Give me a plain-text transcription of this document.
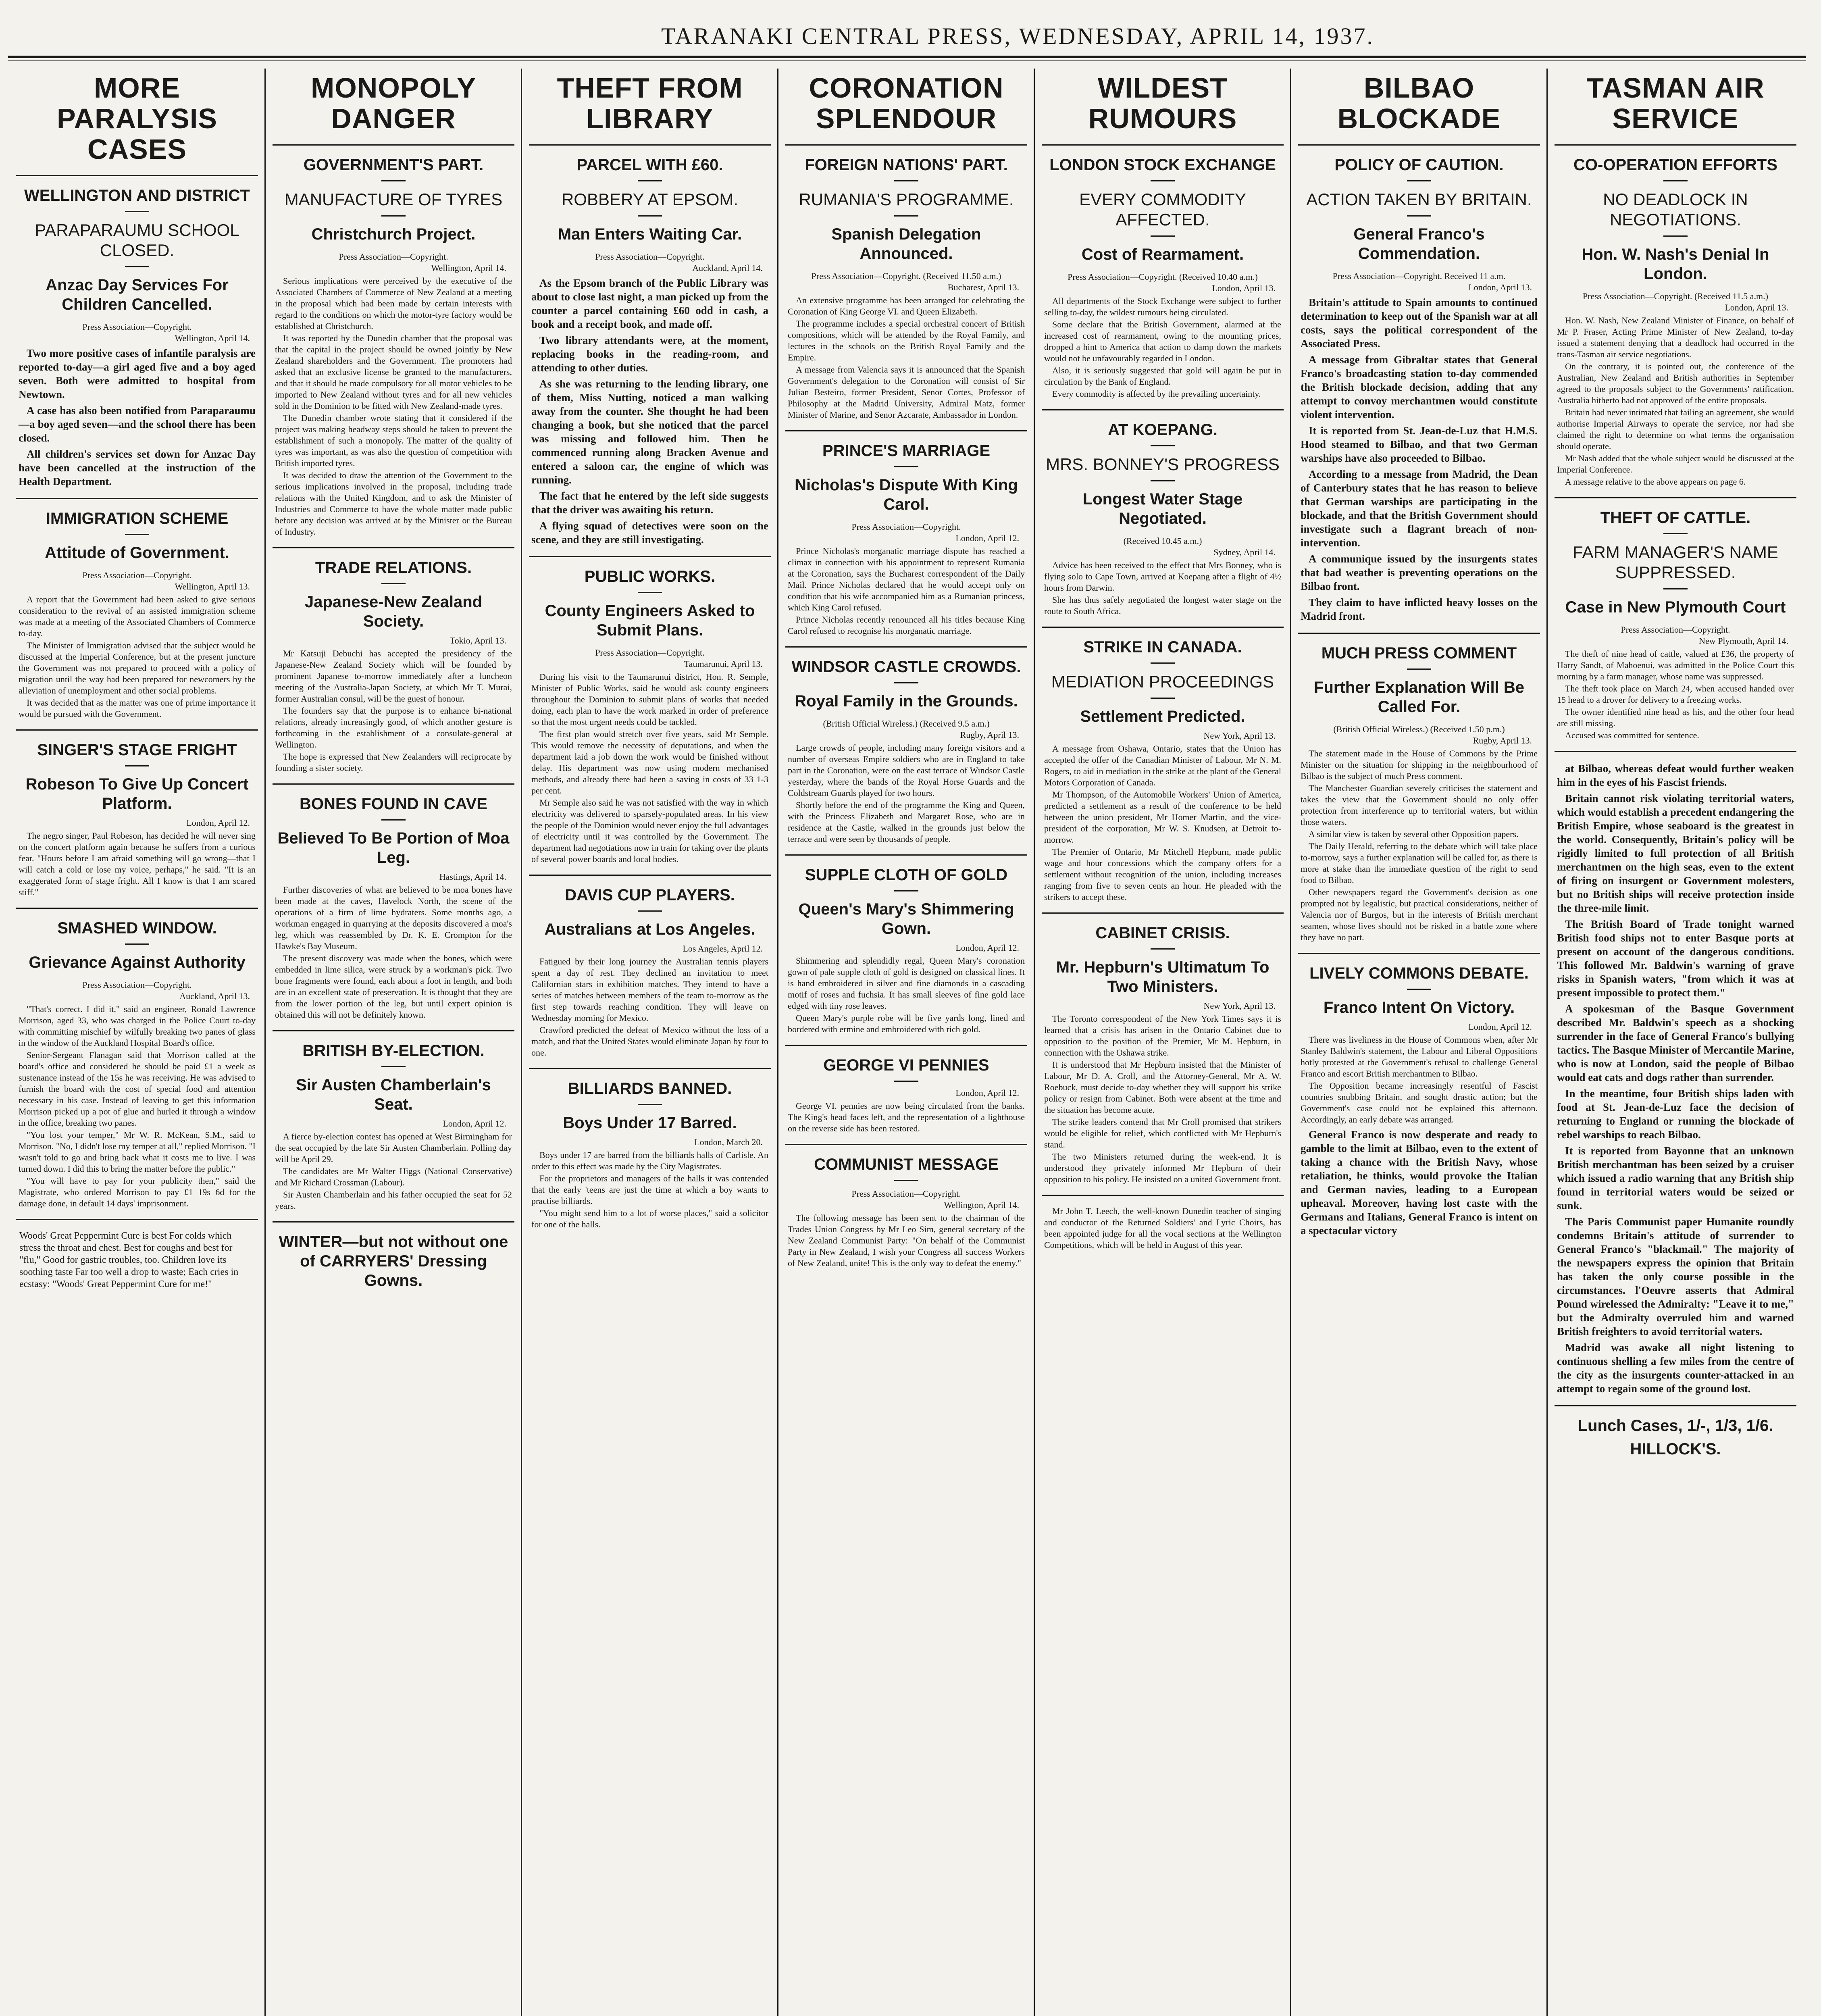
TARANAKI CENTRAL PRESS, WEDNESDAY, APRIL 14, 1937.
MORE PARALYSIS CASES
WELLINGTON AND DISTRICT
PARAPARAUMU SCHOOL CLOSED.
Anzac Day Services For Children Cancelled.
Press Association—Copyright.
Wellington, April 14.
Two more positive cases of infantile paralysis are reported to-day—a girl aged five and a boy aged seven. Both were admitted to hospital from Newtown.
A case has also been notified from Paraparaumu—a boy aged seven—and the school there has been closed.
All children's services set down for Anzac Day have been cancelled at the instruction of the Health Department.
IMMIGRATION SCHEME
Attitude of Government.
Press Association—Copyright.
Wellington, April 13.
A report that the Government had been asked to give serious consideration to the revival of an assisted immigration scheme was made at a meeting of the Associated Chambers of Commerce to-day.
The Minister of Immigration advised that the subject would be discussed at the Imperial Conference, but at the present juncture the Government was not prepared to proceed with a policy of migration until the way had been prepared for newcomers by the alleviation of unemployment and other social problems.
It was decided that as the matter was one of prime importance it would be pursued with the Government.
SINGER'S STAGE FRIGHT
Robeson To Give Up Concert Platform.
London, April 12.
The negro singer, Paul Robeson, has decided he will never sing on the concert platform again because he suffers from a curious fear. "Hours before I am afraid something will go wrong—that I will catch a cold or lose my voice, perhaps," he said. "It is an exaggerated form of stage fright. All I know is that I am scared stiff."
SMASHED WINDOW.
Grievance Against Authority
Press Association—Copyright.
Auckland, April 13.
"That's correct. I did it," said an engineer, Ronald Lawrence Morrison, aged 33, who was charged in the Police Court to-day with committing mischief by wilfully breaking two panes of glass in the window of the Auckland Hospital Board's office.
Senior-Sergeant Flanagan said that Morrison called at the board's office and considered he should be paid £1 a week as sustenance instead of the 15s he was receiving. He was advised to furnish the board with the cost of special food and attention necessary in his case. Instead of leaving to get this information Morrison picked up a pot of glue and hurled it through a window in the office, breaking two panes.
"You lost your temper," Mr W. R. McKean, S.M., said to Morrison. "No, I didn't lose my temper at all," replied Morrison. "I wasn't told to go and bring back what it costs me to live. I was turned down. I did this to bring the matter before the public."
"You will have to pay for your publicity then," said the Magistrate, who ordered Morrison to pay £1 19s 6d for the damage done, in default 14 days' imprisonment.
Woods' Great Peppermint Cure is best For colds which stress the throat and chest. Best for coughs and best for "flu," Good for gastric troubles, too. Children love its soothing taste Far too well a drop to waste; Each cries in ecstasy: "Woods' Great Peppermint Cure for me!"
MONOPOLY DANGER
GOVERNMENT'S PART.
MANUFACTURE OF TYRES
Christchurch Project.
Press Association—Copyright.
Wellington, April 14.
Serious implications were perceived by the executive of the Associated Chambers of Commerce of New Zealand at a meeting in the proposal which had been made by certain interests with regard to the conditions on which the motor-tyre factory would be established at Christchurch.
It was reported by the Dunedin chamber that the proposal was that the capital in the project should be owned jointly by New Zealand shareholders and the Government. The promoters had asked that an exclusive license be granted to the manufacturers, and that it should be made compulsory for all motor vehicles to be imported to New Zealand without tyres and for all new vehicles sold in the Dominion to be fitted with New Zealand-made tyres.
The Dunedin chamber wrote stating that it considered if the project was making headway steps should be taken to prevent the establishment of such a monopoly. The matter of the quality of tyres was important, as was also the question of competition with British imported tyres.
It was decided to draw the attention of the Government to the serious implications involved in the proposal, including trade relations with the United Kingdom, and to ask the Minister of Industries and Commerce to have the whole matter made public before any decision was arrived at by the Minister or the Bureau of Industry.
TRADE RELATIONS.
Japanese-New Zealand Society.
Tokio, April 13.
Mr Katsuji Debuchi has accepted the presidency of the Japanese-New Zealand Society which will be founded by prominent Japanese to-morrow immediately after a luncheon meeting of the Australia-Japan Society, at which Mr T. Murai, former Australian consul, will be the guest of honour.
The founders say that the purpose is to enhance bi-national relations, already increasingly good, of which another gesture is forthcoming in the establishment of a consulate-general at Wellington.
The hope is expressed that New Zealanders will reciprocate by founding a sister society.
BONES FOUND IN CAVE
Believed To Be Portion of Moa Leg.
Hastings, April 14.
Further discoveries of what are believed to be moa bones have been made at the caves, Havelock North, the scene of the operations of a firm of lime hydraters. Some months ago, a workman engaged in quarrying at the deposits discovered a moa's leg, which was reassembled by Dr. K. E. Crompton for the Hawke's Bay Museum.
The present discovery was made when the bones, which were embedded in lime silica, were struck by a workman's pick. Two bone fragments were found, each about a foot in length, and both are in an excellent state of preservation. It is thought that they are from the lower portion of the leg, but until expert opinion is obtained this will not be definitely known.
BRITISH BY-ELECTION.
Sir Austen Chamberlain's Seat.
London, April 12.
A fierce by-election contest has opened at West Birmingham for the seat occupied by the late Sir Austen Chamberlain. Polling day will be April 29.
The candidates are Mr Walter Higgs (National Conservative) and Mr Richard Crossman (Labour).
Sir Austen Chamberlain and his father occupied the seat for 52 years.
WINTER—but not without one of CARRYERS' Dressing Gowns.
THEFT FROM LIBRARY
PARCEL WITH £60.
ROBBERY AT EPSOM.
Man Enters Waiting Car.
Press Association—Copyright.
Auckland, April 14.
As the Epsom branch of the Public Library was about to close last night, a man picked up from the counter a parcel containing £60 odd in cash, a book and a receipt book, and made off.
Two library attendants were, at the moment, replacing books in the reading-room, and attending to other duties.
As she was returning to the lending library, one of them, Miss Nutting, noticed a man walking away from the counter. She thought he had been changing a book, but she noticed that the parcel was missing and followed him. Then he commenced running along Bracken Avenue and entered a saloon car, the engine of which was running.
The fact that he entered by the left side suggests that the driver was awaiting his return.
A flying squad of detectives were soon on the scene, and they are still investigating.
PUBLIC WORKS.
County Engineers Asked to Submit Plans.
Press Association—Copyright.
Taumarunui, April 13.
During his visit to the Taumarunui district, Hon. R. Semple, Minister of Public Works, said he would ask county engineers throughout the Dominion to submit plans of works that needed doing, each plan to have the work marked in order of preference so that the most urgent needs could be tackled.
The first plan would stretch over five years, said Mr Semple. This would remove the necessity of deputations, and when the department laid a job down the work would be finished without delay. His department was now using modern mechanised methods, and already there had been a saving in costs of 33 1-3 per cent.
Mr Semple also said he was not satisfied with the way in which electricity was delivered to sparsely-populated areas. In his view the people of the Dominion would never enjoy the full advantages of electricity until it was controlled by the Government. The department had negotiations now in train for taking over the plants of several power boards and local bodies.
DAVIS CUP PLAYERS.
Australians at Los Angeles.
Los Angeles, April 12.
Fatigued by their long journey the Australian tennis players spent a day of rest. They declined an invitation to meet Californian stars in exhibition matches. They intend to have a series of matches between members of the team to-morrow as the first step towards reaching condition. They will leave on Wednesday morning for Mexico.
Crawford predicted the defeat of Mexico without the loss of a match, and that the United States would eliminate Japan by four to one.
BILLIARDS BANNED.
Boys Under 17 Barred.
London, March 20.
Boys under 17 are barred from the billiards halls of Carlisle. An order to this effect was made by the City Magistrates.
For the proprietors and managers of the halls it was contended that the early 'teens are just the time at which a boy wants to practise billiards.
"You might send him to a lot of worse places," said a solicitor for one of the halls.
CORONATION SPLENDOUR
FOREIGN NATIONS' PART.
RUMANIA'S PROGRAMME.
Spanish Delegation Announced.
Press Association—Copyright. (Received 11.50 a.m.)
Bucharest, April 13.
An extensive programme has been arranged for celebrating the Coronation of King George VI. and Queen Elizabeth.
The programme includes a special orchestral concert of British compositions, which will be attended by the Royal Family, and lectures in the schools on the British Royal Family and the Empire.
A message from Valencia says it is announced that the Spanish Government's delegation to the Coronation will consist of Sir Julian Besteiro, former President, Senor Cortes, Professor of Philosophy at the Madrid University, Admiral Matz, former Minister of Marine, and Senor Azcarate, Ambassador in London.
PRINCE'S MARRIAGE
Nicholas's Dispute With King Carol.
Press Association—Copyright.
London, April 12.
Prince Nicholas's morganatic marriage dispute has reached a climax in connection with his appointment to represent Rumania at the Coronation, says the Bucharest correspondent of the Daily Mail. Prince Nicholas declared that he would accept only on condition that his wife accompanied him as a Rumanian princess, which King Carol refused.
Prince Nicholas recently renounced all his titles because King Carol refused to recognise his morganatic marriage.
WINDSOR CASTLE CROWDS.
Royal Family in the Grounds.
(British Official Wireless.) (Received 9.5 a.m.)
Rugby, April 13.
Large crowds of people, including many foreign visitors and a number of overseas Empire soldiers who are in England to take part in the Coronation, were on the east terrace of Windsor Castle yesterday, where the bands of the Royal Horse Guards and the Coldstream Guards played for two hours.
Shortly before the end of the programme the King and Queen, with the Princess Elizabeth and Margaret Rose, who are in residence at the Castle, walked in the grounds just below the terrace and were seen by thousands of people.
SUPPLE CLOTH OF GOLD
Queen's Mary's Shimmering Gown.
London, April 12.
Shimmering and splendidly regal, Queen Mary's coronation gown of pale supple cloth of gold is designed on classical lines. It is hand embroidered in silver and fine diamonds in a cascading motif of roses and fuchsia. It has small sleeves of fine gold lace edged with tiny rose leaves.
Queen Mary's purple robe will be five yards long, lined and bordered with ermine and embroidered with rich gold.
GEORGE VI PENNIES
London, April 12.
George VI. pennies are now being circulated from the banks. The King's head faces left, and the representation of a lighthouse on the reverse side has been restored.
COMMUNIST MESSAGE
Press Association—Copyright.
Wellington, April 14.
The following message has been sent to the chairman of the Trades Union Congress by Mr Leo Sim, general secretary of the New Zealand Communist Party: "On behalf of the Communist Party in New Zealand, I wish your Congress all success Workers of New Zealand, unite! This is the only way to defeat the enemy."
WILDEST RUMOURS
LONDON STOCK EXCHANGE
EVERY COMMODITY AFFECTED.
Cost of Rearmament.
Press Association—Copyright. (Received 10.40 a.m.)
London, April 13.
All departments of the Stock Exchange were subject to further selling to-day, the wildest rumours being circulated.
Some declare that the British Government, alarmed at the increased cost of rearmament, owing to the mounting prices, dropped a hint to America that action to damp down the markets would not be unfavourably regarded in London.
Also, it is seriously suggested that gold will again be put in circulation by the Bank of England.
Every commodity is affected by the prevailing uncertainty.
AT KOEPANG.
MRS. BONNEY'S PROGRESS
Longest Water Stage Negotiated.
(Received 10.45 a.m.)
Sydney, April 14.
Advice has been received to the effect that Mrs Bonney, who is flying solo to Cape Town, arrived at Koepang after a flight of 4½ hours from Darwin.
She has thus safely negotiated the longest water stage on the route to South Africa.
STRIKE IN CANADA.
MEDIATION PROCEEDINGS
Settlement Predicted.
New York, April 13.
A message from Oshawa, Ontario, states that the Union has accepted the offer of the Canadian Minister of Labour, Mr N. M. Rogers, to aid in mediation in the strike at the plant of the General Motors Corporation of Canada.
Mr Thompson, of the Automobile Workers' Union of America, predicted a settlement as a result of the conference to be held between the union president, Mr Homer Martin, and the vice-president of the corporation, Mr W. S. Knudsen, at Detroit to-morrow.
The Premier of Ontario, Mr Mitchell Hepburn, made public wage and hour concessions which the company offers for a settlement without recognition of the union, including increases ranging from five to seven cents an hour. He pleaded with the strikers to accept these.
CABINET CRISIS.
Mr. Hepburn's Ultimatum To Two Ministers.
New York, April 13.
The Toronto correspondent of the New York Times says it is learned that a crisis has arisen in the Ontario Cabinet due to opposition to the position of the Premier, Mr M. Hepburn, in connection with the Oshawa strike.
It is understood that Mr Hepburn insisted that the Minister of Labour, Mr D. A. Croll, and the Attorney-General, Mr A. W. Roebuck, must decide to-day whether they will support his strike policy or resign from Cabinet. Both were absent at the time and the situation has become acute.
The strike leaders contend that Mr Croll promised that strikers would be eligible for relief, which conflicted with Mr Hepburn's stand.
The two Ministers returned during the week-end. It is understood they privately informed Mr Hepburn of their opposition to his policy. He insisted on a united Government front.
Mr John T. Leech, the well-known Dunedin teacher of singing and conductor of the Returned Soldiers' and Lyric Choirs, has been appointed judge for all the vocal sections at the Wellington Competitions, which will be held in August of this year.
BILBAO BLOCKADE
POLICY OF CAUTION.
ACTION TAKEN BY BRITAIN.
General Franco's Commendation.
Press Association—Copyright. Received 11 a.m.
London, April 13.
Britain's attitude to Spain amounts to continued determination to keep out of the Spanish war at all costs, says the political correspondent of the Associated Press.
A message from Gibraltar states that General Franco's broadcasting station to-day commended the British blockade decision, adding that any attempt to convoy merchantmen would constitute violent intervention.
It is reported from St. Jean-de-Luz that H.M.S. Hood steamed to Bilbao, and that two German warships have also proceeded to Bilbao.
According to a message from Madrid, the Dean of Canterbury states that he has reason to believe that German warships are participating in the blockade, and that the British Government should investigate such a flagrant breach of non-intervention.
A communique issued by the insurgents states that bad weather is preventing operations on the Bilbao front.
They claim to have inflicted heavy losses on the Madrid front.
MUCH PRESS COMMENT
Further Explanation Will Be Called For.
(British Official Wireless.) (Received 1.50 p.m.)
Rugby, April 13.
The statement made in the House of Commons by the Prime Minister on the situation for shipping in the neighbourhood of Bilbao is the subject of much Press comment.
The Manchester Guardian severely criticises the statement and takes the view that the Government should no only offer protection from interference up to territorial waters, but within those waters.
A similar view is taken by several other Opposition papers.
The Daily Herald, referring to the debate which will take place to-morrow, says a further explanation will be called for, as there is more at stake than the immediate question of the right to send food to Bilbao.
Other newspapers regard the Government's decision as one prompted not by legalistic, but practical considerations, neither of Valencia nor of Burgos, but in the interests of British merchant seamen, whose lives should not be risked in a battle zone where they have no part.
LIVELY COMMONS DEBATE.
Franco Intent On Victory.
London, April 12.
There was liveliness in the House of Commons when, after Mr Stanley Baldwin's statement, the Labour and Liberal Oppositions hotly protested at the Government's refusal to challenge General Franco and escort British merchantmen to Bilbao.
The Opposition became increasingly resentful of Fascist countries snubbing Britain, and sought drastic action; but the Government's case could not be explained this afternoon. Accordingly, an early debate was arranged.
General Franco is now desperate and ready to gamble to the limit at Bilbao, even to the extent of taking a chance with the British Navy, whose retaliation, he thinks, would provoke the Italian and German navies, leading to a European upheaval. Moreover, having lost caste with the Germans and Italians, General Franco is intent on a spectacular victory
TASMAN AIR SERVICE
CO-OPERATION EFFORTS
NO DEADLOCK IN NEGOTIATIONS.
Hon. W. Nash's Denial In London.
Press Association—Copyright. (Received 11.5 a.m.)
London, April 13.
Hon. W. Nash, New Zealand Minister of Finance, on behalf of Mr P. Fraser, Acting Prime Minister of New Zealand, to-day issued a statement denying that a deadlock had occurred in the trans-Tasman air service negotiations.
On the contrary, it is pointed out, the conference of the Australian, New Zealand and British authorities in September agreed to the proposals subject to the Governments' ratification. Australia hitherto had not approved of the entire proposals.
Britain had never intimated that failing an agreement, she would authorise Imperial Airways to operate the service, nor had she claimed the right to determine on what terms the organisation should operate.
Mr Nash added that the whole subject would be discussed at the Imperial Conference.
A message relative to the above appears on page 6.
THEFT OF CATTLE.
FARM MANAGER'S NAME SUPPRESSED.
Case in New Plymouth Court
Press Association—Copyright.
New Plymouth, April 14.
The theft of nine head of cattle, valued at £36, the property of Harry Sandt, of Mahoenui, was admitted in the Police Court this morning by a farm manager, whose name was suppressed.
The theft took place on March 24, when accused handed over 15 head to a drover for delivery to a freezing works.
The owner identified nine head as his, and the other four head are still missing.
Accused was committed for sentence.
at Bilbao, whereas defeat would further weaken him in the eyes of his Fascist friends.
Britain cannot risk violating territorial waters, which would establish a precedent endangering the British Empire, whose seaboard is the greatest in the world. Consequently, Britain's policy will be rigidly limited to full protection of all British merchantmen on the high seas, even to the extent of firing on insurgent or Government molesters, but no British ships will receive protection inside the three-mile limit.
The British Board of Trade tonight warned British food ships not to enter Basque ports at present on account of the dangerous conditions. This followed Mr. Baldwin's warning of grave risks in Spanish waters, "from which it was at present impossible to protect them."
A spokesman of the Basque Government described Mr. Baldwin's speech as a shocking surrender in the face of General Franco's bullying tactics. The Basque Minister of Mercantile Marine, who is now at London, said the people of Bilbao would eat cats and dogs rather than surrender.
In the meantime, four British ships laden with food at St. Jean-de-Luz face the decision of returning to England or running the blockade of rebel warships to reach Bilbao.
It is reported from Bayonne that an unknown British merchantman has been seized by a cruiser which issued a radio warning that any British ship found in territorial waters would be seized or sunk.
The Paris Communist paper Humanite roundly condemns Britain's attitude of surrender to General Franco's "blackmail." The majority of the newspapers express the opinion that Britain has taken the only course possible in the circumstances. l'Oeuvre asserts that Admiral Pound wirelessed the Admiralty: "Leave it to me," but the Admiralty overruled him and warned British freighters to avoid territorial waters.
Madrid was awake all night listening to continuous shelling a few miles from the centre of the city as the insurgents counter-attacked in an attempt to regain some of the ground lost.
Lunch Cases, 1/-, 1/3, 1/6.
HILLOCK'S.
